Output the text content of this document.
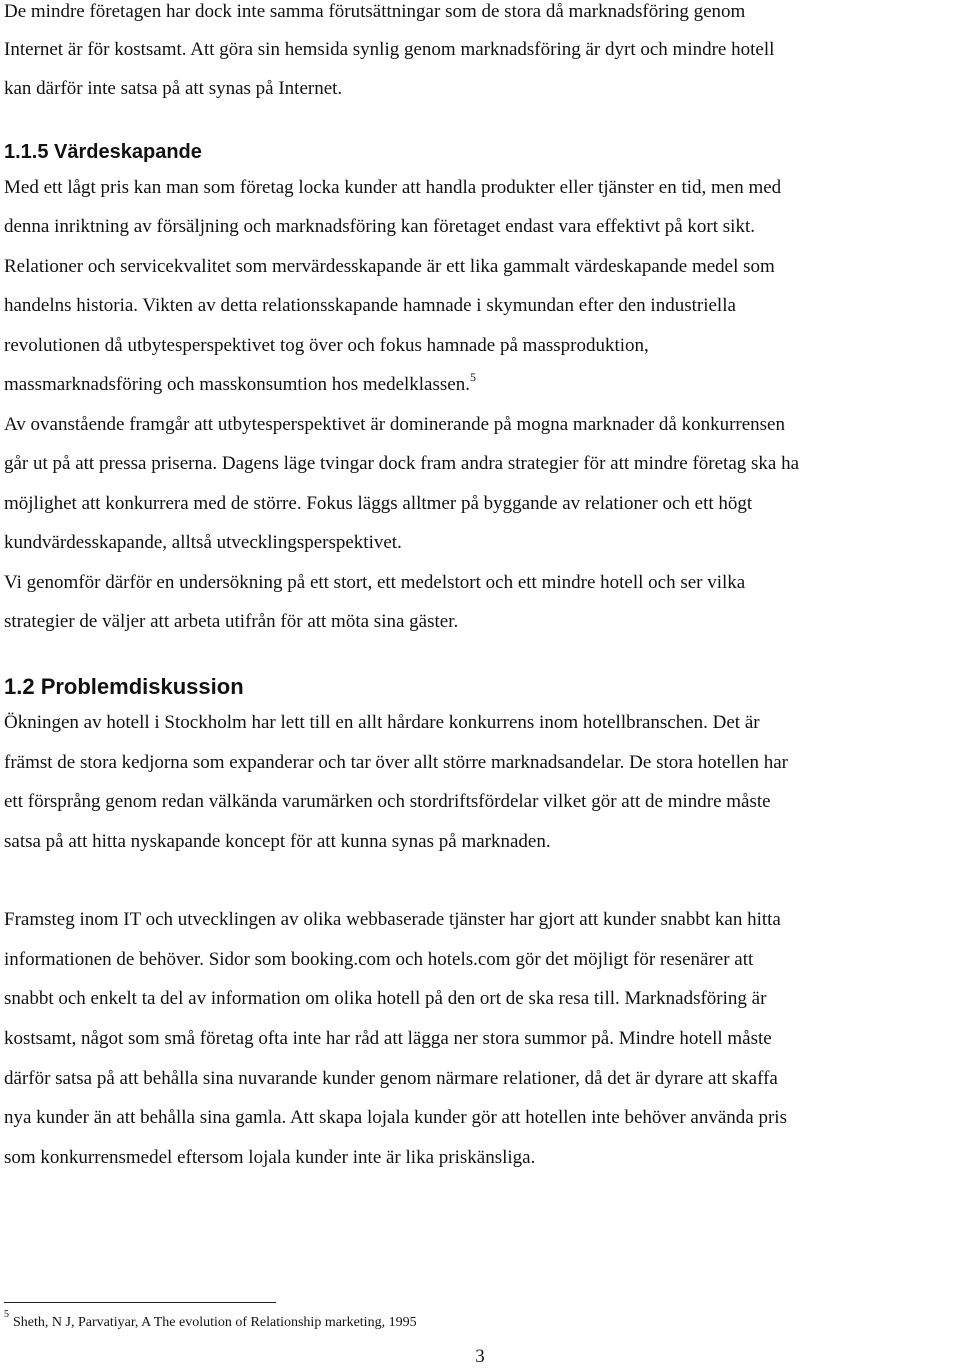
De mindre företagen har dock inte samma förutsättningar som de stora då marknadsföring genom

Internet är för kostsamt. Att göra sin hemsida synlig genom marknadsföring är dyrt och mindre hotell

kan därför inte satsa på att synas på Internet.

1.1.5 Värdeskapande

Med ett lågt pris kan man som företag locka kunder att handla produkter eller tjänster en tid, men med

denna inriktning av försäljning och marknadsföring kan företaget endast vara effektivt på kort sikt.

Relationer och servicekvalitet som mervärdesskapande är ett lika gammalt värdeskapande medel som

handelns historia. Vikten av detta relationsskapande hamnade i skymundan efter den industriella

revolutionen då utbytesperspektivet tog över och fokus hamnade på massproduktion,

massmarknadsföring och masskonsumtion hos medelklassen.$^5$

Av ovanstående framgår att utbytesperspektivet är dominerande på mogna marknader då konkurrensen

går ut på att pressa priserna. Dagens läge tvingar dock fram andra strategier för att mindre företag ska ha

möjlighet att konkurrera med de större. Fokus läggs alltmer på byggande av relationer och ett högt

kundvärdesskapande, alltså utvecklingsperspektivet.

Vi genomför därför en undersökning på ett stort, ett medelstort och ett mindre hotell och ser vilka

strategier de väljer att arbeta utifrån för att möta sina gäster.

1.2 Problemdiskussion

Ökningen av hotell i Stockholm har lett till en allt hårdare konkurrens inom hotellbranschen. Det är

främst de stora kedjorna som expanderar och tar över allt större marknadsandelar. De stora hotellen har

ett försprång genom redan välkända varumärken och stordriftsfördelar vilket gör att de mindre måste

satsa på att hitta nyskapande koncept för att kunna synas på marknaden.

Framsteg inom IT och utvecklingen av olika webbaserade tjänster har gjort att kunder snabbt kan hitta

informationen de behöver. Sidor som booking.com och hotels.com gör det möjligt för resenärer att

snabbt och enkelt ta del av information om olika hotell på den ort de ska resa till. Marknadsföring är

kostsamt, något som små företag ofta inte har råd att lägga ner stora summor på. Mindre hotell måste

därför satsa på att behålla sina nuvarande kunder genom närmare relationer, då det är dyrare att skaffa

nya kunder än att behålla sina gamla. Att skapa lojala kunder gör att hotellen inte behöver använda pris

som konkurrensmedel eftersom lojala kunder inte är lika priskänsliga.

$^5$Sheth, N J, Parvatiyar, A The evolution of Relationship marketing, 1995
3
